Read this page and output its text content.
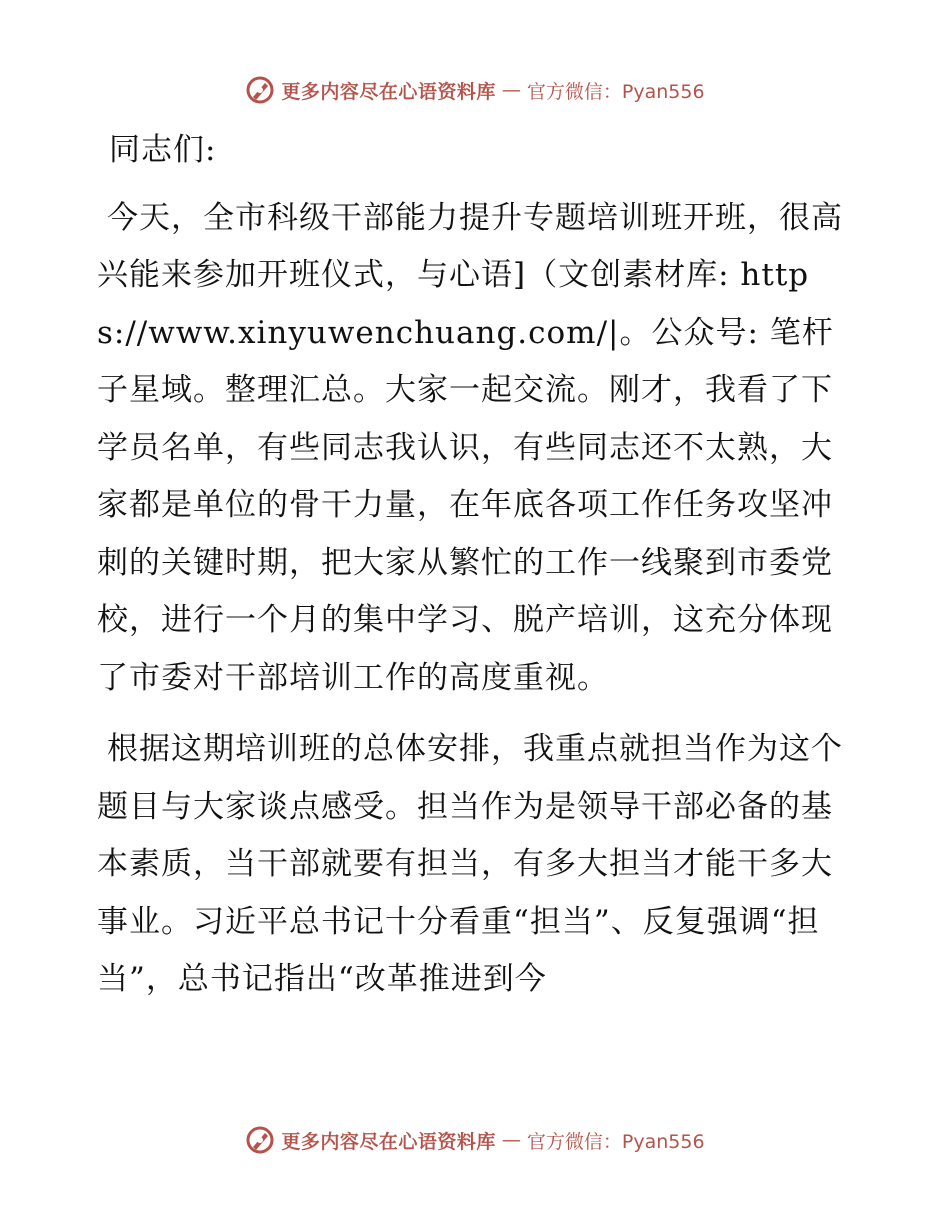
更多内容尽在心语资料库 — 官方微信：Pyan556

同志们:

今天，全市科级干部能力提升专题培训班开班，很高兴能来参加开班仪式，与心语]（文创素材库: https://www.xinyuwenchuang.com/|。公众号: 笔杆子星域。整理汇总。大家一起交流。刚才，我看了下学员名单，有些同志我认识，有些同志还不太熟，大家都是单位的骨干力量，在年底各项工作任务攻坚冲刺的关键时期，把大家从繁忙的工作一线聚到市委党校，进行一个月的集中学习、脱产培训，这充分体现了市委对干部培训工作的高度重视。

根据这期培训班的总体安排，我重点就担当作为这个题目与大家谈点感受。担当作为是领导干部必备的基本素质，当干部就要有担当，有多大担当才能干多大事业。习近平总书记十分看重“担当”、反复强调“担当”，总书记指出“改革推进到今

更多内容尽在心语资料库 — 官方微信：Pyan556
